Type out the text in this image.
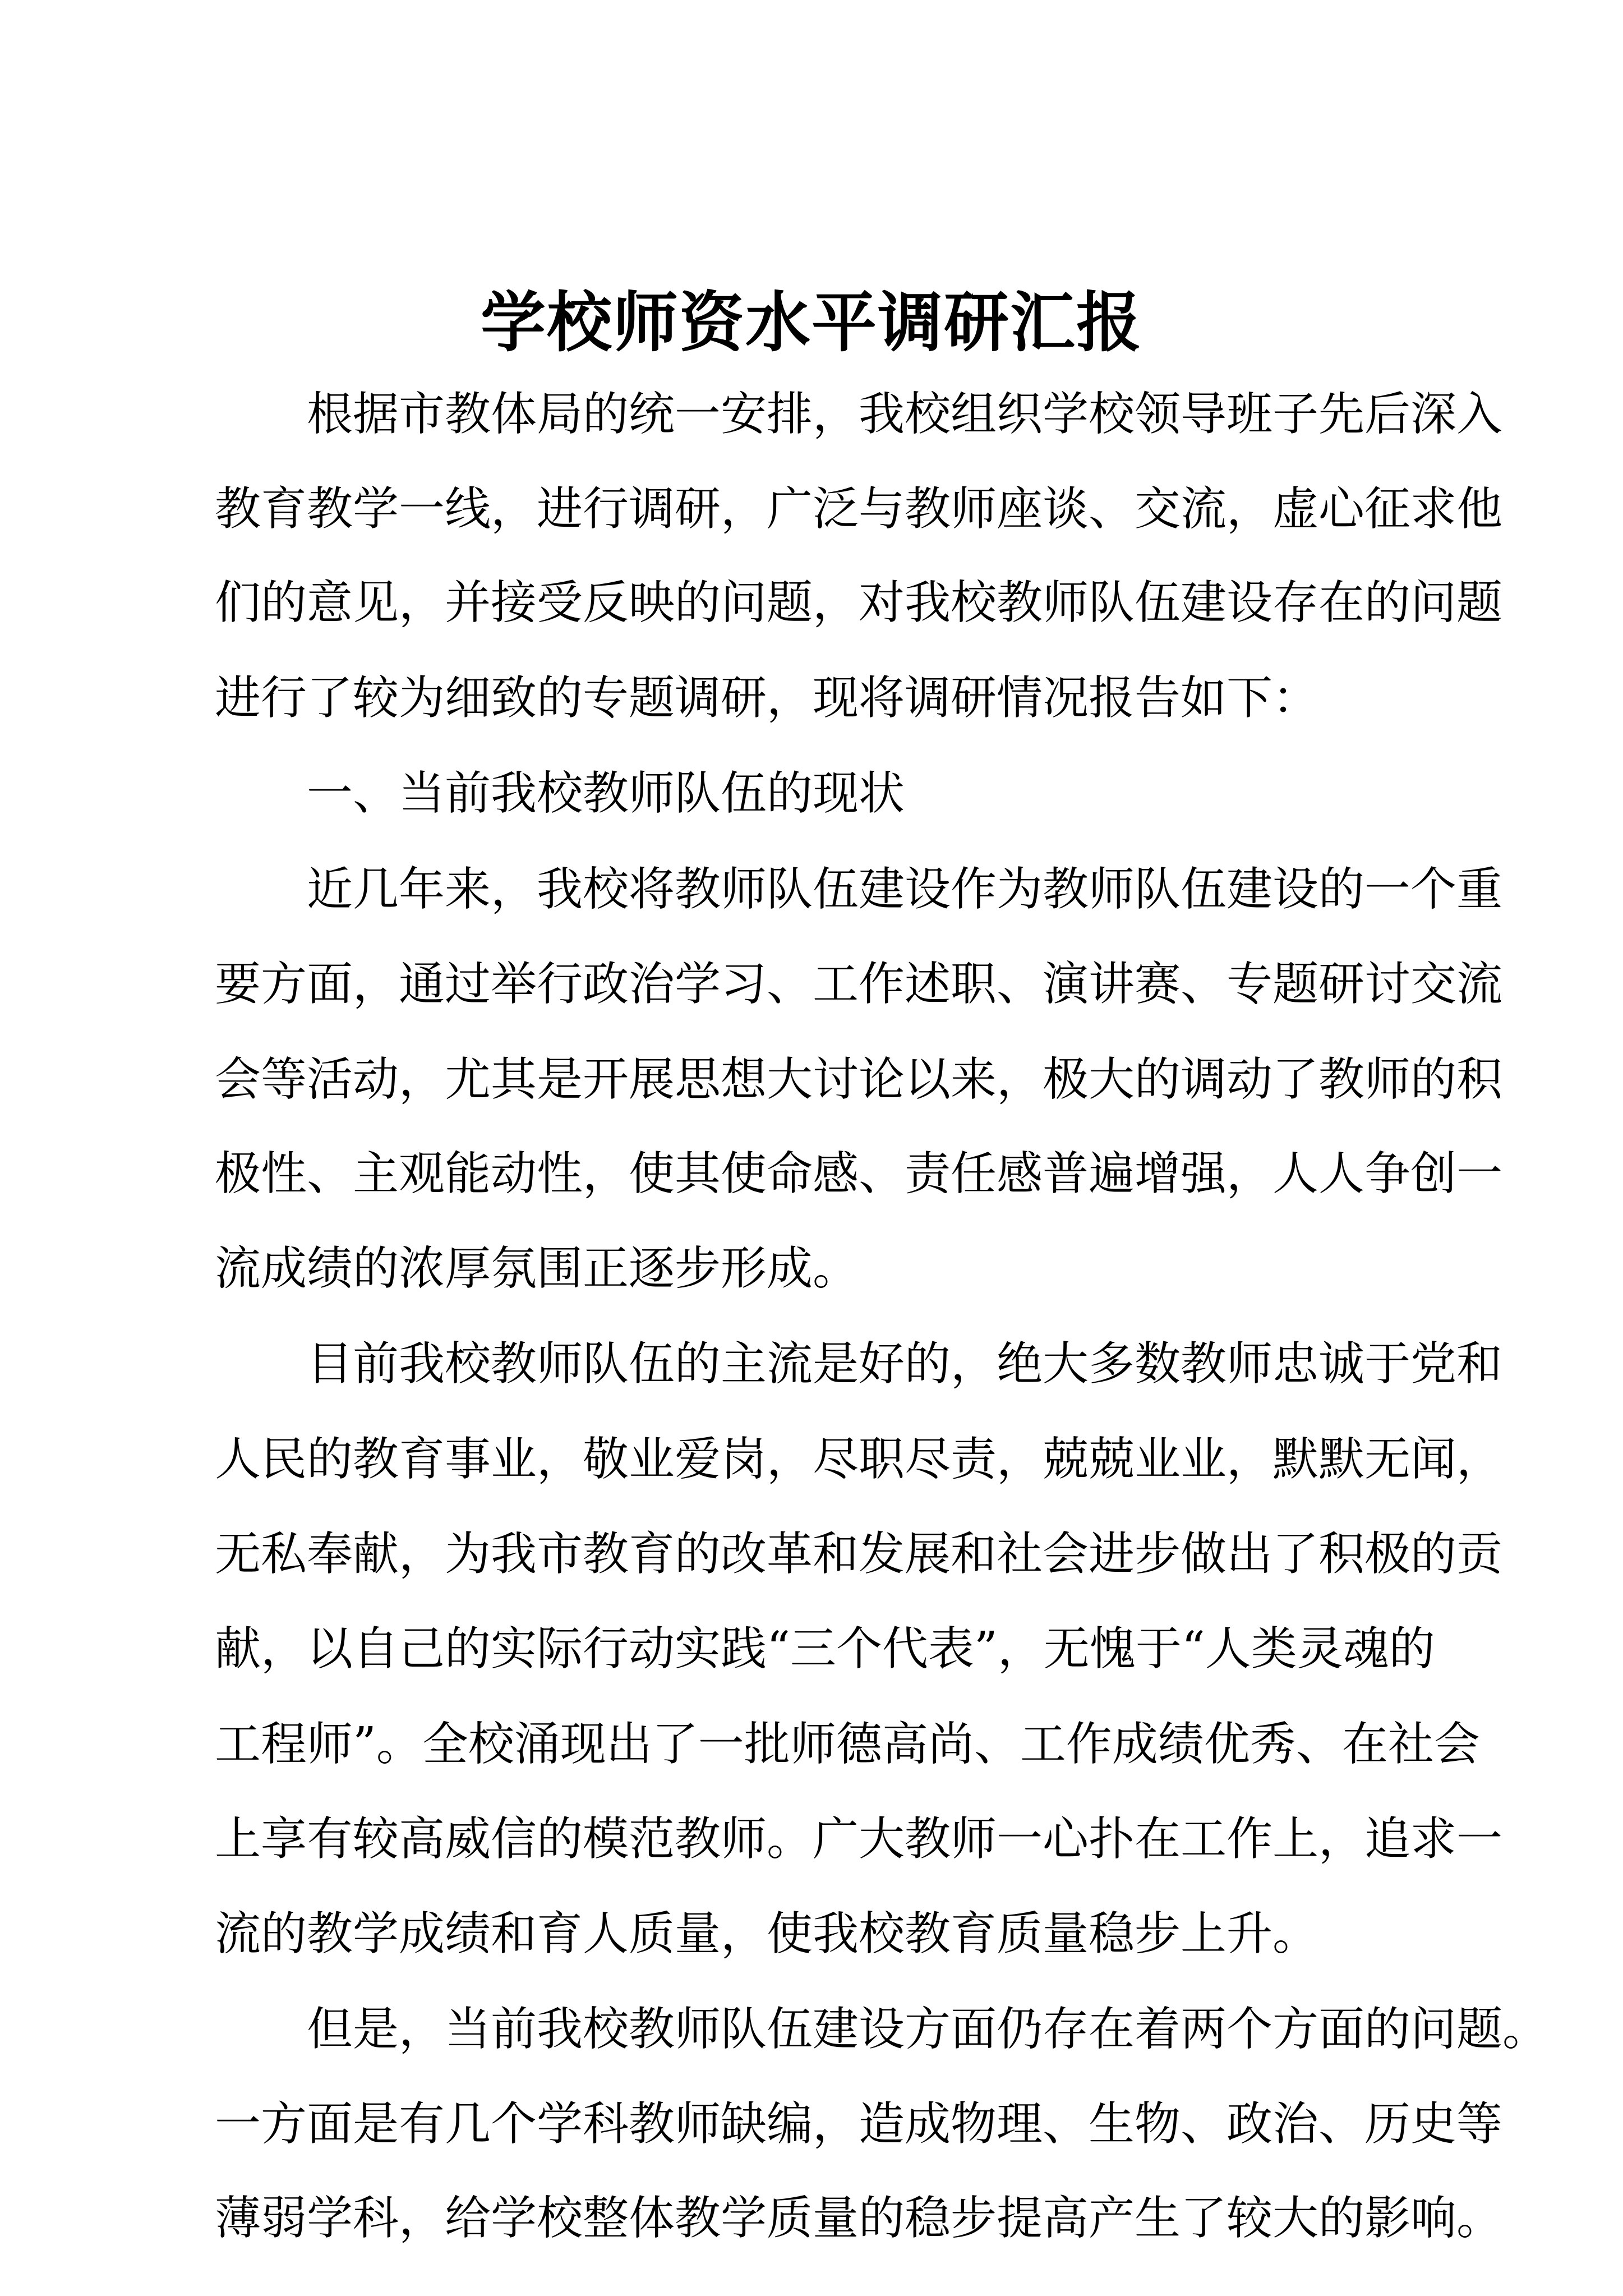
学校师资水平调研汇报
根据市教体局的统一安排，我校组织学校领导班子先后深入
教育教学一线，进行调研，广泛与教师座谈、交流，虚心征求他
们的意见，并接受反映的问题，对我校教师队伍建设存在的问题
进行了较为细致的专题调研，现将调研情况报告如下：
一、当前我校教师队伍的现状
近几年来，我校将教师队伍建设作为教师队伍建设的一个重
要方面，通过举行政治学习、工作述职、演讲赛、专题研讨交流
会等活动，尤其是开展思想大讨论以来，极大的调动了教师的积
极性、主观能动性，使其使命感、责任感普遍增强，人人争创一
流成绩的浓厚氛围正逐步形成。
目前我校教师队伍的主流是好的，绝大多数教师忠诚于党和
人民的教育事业，敬业爱岗，尽职尽责，兢兢业业，默默无闻，
无私奉献，为我市教育的改革和发展和社会进步做出了积极的贡
献，以自己的实际行动实践“三个代表”，无愧于“人类灵魂的
工程师”。全校涌现出了一批师德高尚、工作成绩优秀、在社会
上享有较高威信的模范教师。广大教师一心扑在工作上，追求一
流的教学成绩和育人质量，使我校教育质量稳步上升。
但是，当前我校教师队伍建设方面仍存在着两个方面的问题。
一方面是有几个学科教师缺编，造成物理、生物、政治、历史等
薄弱学科，给学校整体教学质量的稳步提高产生了较大的影响。
